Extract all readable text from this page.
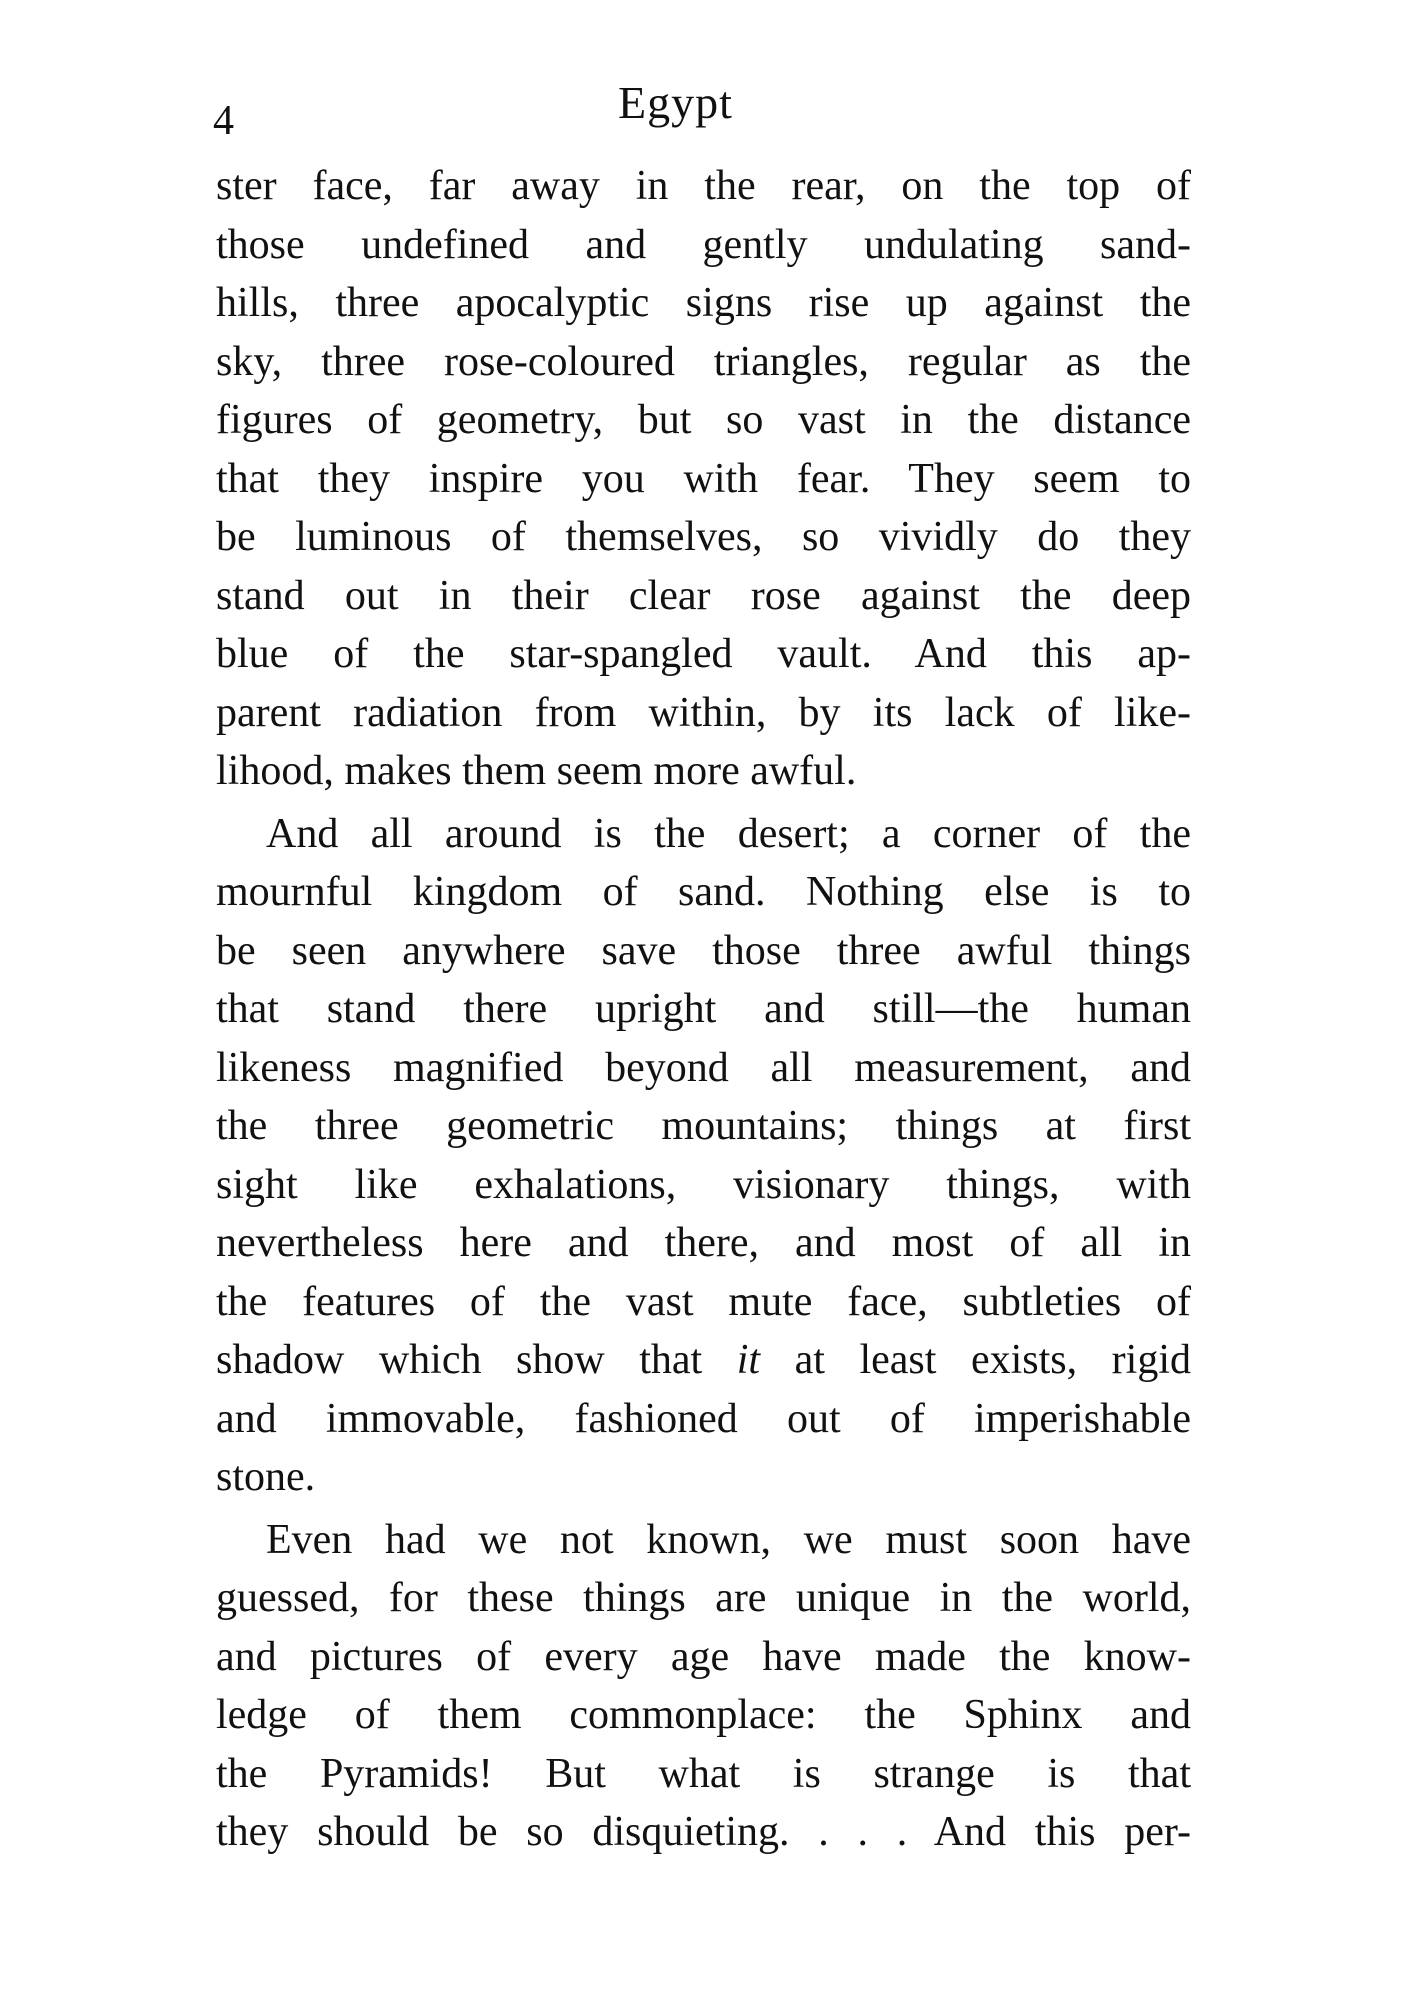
4	Egypt

ster face, far away in the rear, on the top of
those undefined and gently undulating sand-
hills, three apocalyptic signs rise up against the
sky, three rose-coloured triangles, regular as the
figures of geometry, but so vast in the distance
that they inspire you with fear. They seem to
be luminous of themselves, so vividly do they
stand out in their clear rose against the deep
blue of the star-spangled vault. And this ap-
parent radiation from within, by its lack of like-
lihood, makes them seem more awful.

And all around is the desert; a corner of the
mournful kingdom of sand. Nothing else is to
be seen anywhere save those three awful things
that stand there upright and still—the human
likeness magnified beyond all measurement, and
the three geometric mountains; things at first
sight like exhalations, visionary things, with
nevertheless here and there, and most of all in
the features of the vast mute face, subtleties of
shadow which show that it at least exists, rigid
and immovable, fashioned out of imperishable
stone.

Even had we not known, we must soon have
guessed, for these things are unique in the world,
and pictures of every age have made the know-
ledge of them commonplace: the Sphinx and
the Pyramids! But what is strange is that
they should be so disquieting. . . . And this per-
